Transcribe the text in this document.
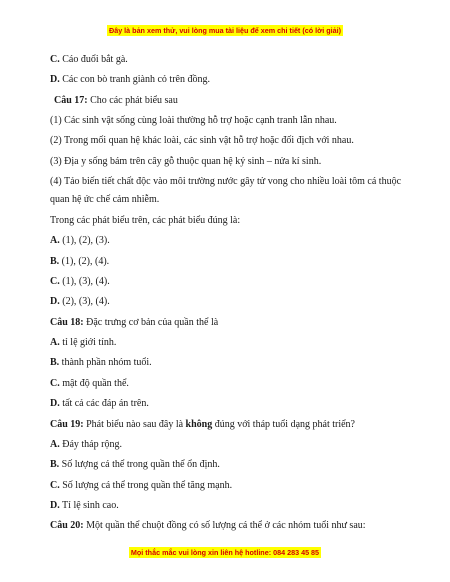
Đây là bản xem thử, vui lòng mua tài liệu để xem chi tiết (có lời giải)
C. Cáo đuổi bắt gà.
D. Các con bò tranh giành cỏ trên đồng.
Câu 17: Cho các phát biểu sau
(1) Các sinh vật sống cùng loài thường hỗ trợ hoặc cạnh tranh lẫn nhau.
(2) Trong mối quan hệ khác loài, các sinh vật hỗ trợ hoặc đối địch với nhau.
(3) Địa y sống bám trên cây gỗ thuộc quan hệ ký sinh – nửa kí sinh.
(4) Tảo biến tiết chất độc vào môi trường nước gây tử vong cho nhiều loài tôm cá thuộc quan hệ ức chế cảm nhiễm.
Trong các phát biểu trên, các phát biểu đúng là:
A. (1), (2), (3).
B. (1), (2), (4).
C. (1), (3), (4).
D. (2), (3), (4).
Câu 18: Đặc trưng cơ bản của quần thể là
A. tỉ lệ giới tính.
B. thành phần nhóm tuổi.
C. mật độ quần thể.
D. tất cả các đáp án trên.
Câu 19: Phát biểu nào sau đây là không đúng với tháp tuổi dạng phát triển?
A. Đáy tháp rộng.
B. Số lượng cá thể trong quần thể ổn định.
C. Số lượng cá thể trong quần thể tăng mạnh.
D. Tỉ lệ sinh cao.
Câu 20: Một quần thể chuột đồng có số lượng cá thể ở các nhóm tuổi như sau:
Mọi thắc mắc vui lòng xin liên hệ hotline: 084 283 45 85
